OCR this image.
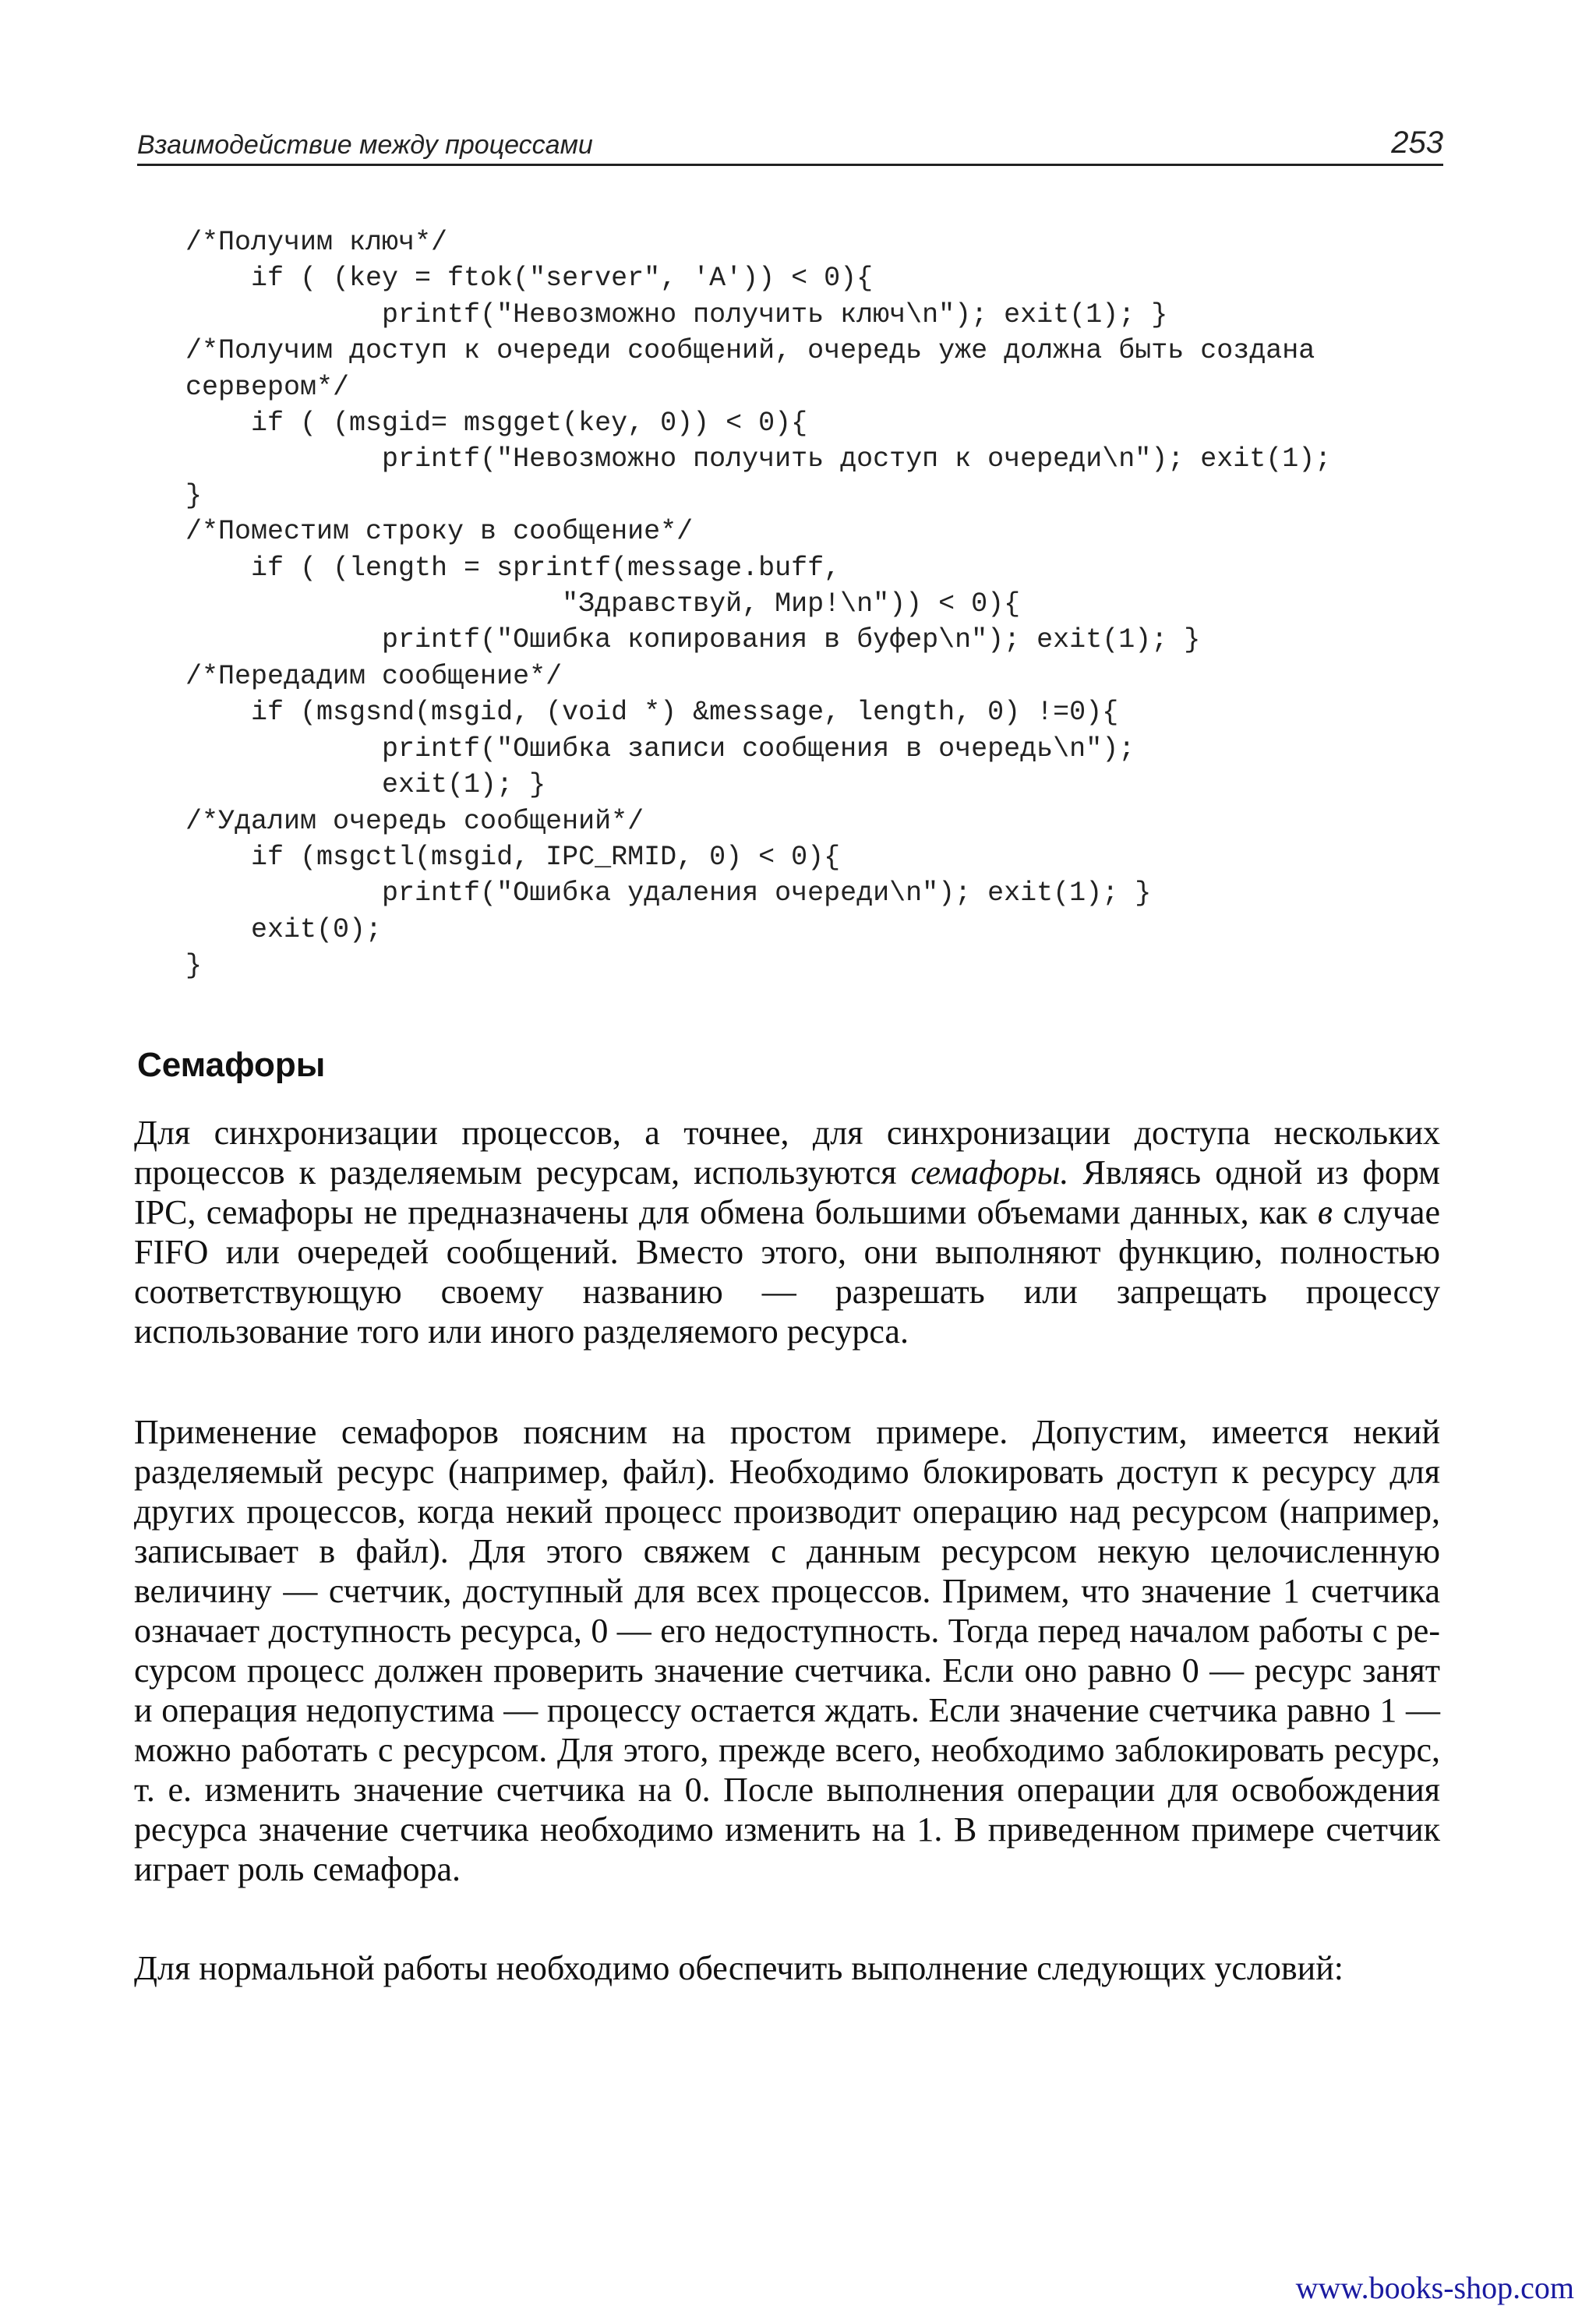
Взаимодействие между процессами	253
/*Получим ключ*/
if ( (key = ftok("server", 'A')) < 0){
printf("Невозможно получить ключ\n"); exit(1); }
/*Получим доступ к очереди сообщений, очередь уже должна быть создана
сервером*/
if ( (msgid= msgget(key, 0)) < 0){
printf("Невозможно получить доступ к очереди\n"); exit(1);
}
/*Поместим строку в сообщение*/
if ( (length = sprintf(message.buff,
"Здравствуй, Мир!\n")) < 0){
printf("Ошибка копирования в буфер\n"); exit(1); }
/*Передадим сообщение*/
if (msgsnd(msgid, (void *) &message, length, 0) !=0){
printf("Ошибка записи сообщения в очередь\n");
exit(1); }
/*Удалим очередь сообщений*/
if (msgctl(msgid, IPC_RMID, 0) < 0){
printf("Ошибка удаления очереди\n"); exit(1); }
exit(0);
}
Семафоры

Для синхронизации процессов, а точнее, для синхронизации доступа нескольких процессов к разделяемым ресурсам, используются семафоры. Являясь одной из форм IPC, семафоры не предназначены для обмена большими объемами данных, как в случае FIFO или очередей сообщений. Вместо этого, они выполняют функцию, полностью соответствующую своему названию — разрешать или запрещать процессу использование того или иного разделяемого ресурса.

Применение семафоров поясним на простом примере. Допустим, имеется некий разделяемый ресурс (например, файл). Необходимо блокировать доступ к ресурсу для других процессов, когда некий процесс производит операцию над ресурсом (например, записывает в файл). Для этого свяжем с данным ресурсом некую целочисленную величину — счетчик, доступный для всех процессов. Примем, что значение 1 счетчика означает доступность ресурса, 0 — его недоступность. Тогда перед началом работы с ресурсом процесс должен проверить значение счетчика. Если оно равно 0 — ресурс занят и операция недопустима — процессу остается ждать. Если значение счетчика равно 1 — можно работать с ресурсом. Для этого, прежде всего, необходимо заблокировать ресурс, т. е. изменить значение счетчика на 0. После выполнения операции для освобождения ресурса значение счетчика необходимо изменить на 1. В приведенном примере счетчик играет роль семафора.

Для нормальной работы необходимо обеспечить выполнение следующих условий:

www.books-shop.com
